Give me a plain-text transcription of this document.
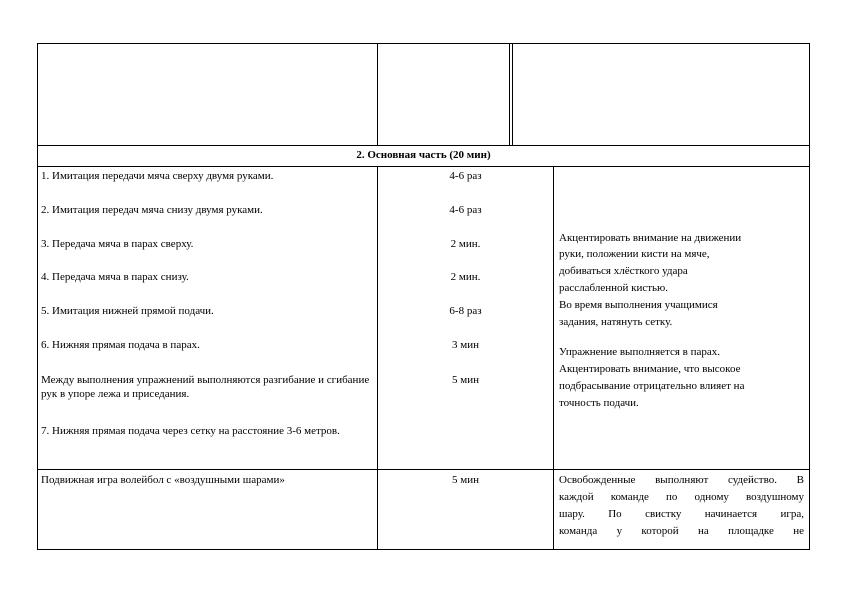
2. Основная часть (20 мин)
1. Имитация передачи мяча сверху двумя руками.
2. Имитация передач мяча снизу двумя руками.
3. Передача мяча в парах сверху.
4. Передача мяча в парах снизу.
5. Имитация нижней прямой подачи.
6. Нижняя прямая подача в парах.
Между выполнения упражнений выполняются разгибание и сгибание рук в упоре лежа и приседания.
7. Нижняя прямая подача через сетку на расстояние 3-6 метров.
4-6 раз
4-6 раз
2 мин.
2 мин.
6-8 раз
3 мин
5 мин
Акцентировать внимание на движении
руки, положении кисти на мяче,
добиваться хлёсткого удара
расслабленной кистью.
Во время выполнения учащимися
задания, натянуть сетку.
Упражнение выполняется в парах.
Акцентировать внимание, что высокое
подбрасывание отрицательно влияет на
точность подачи.
Подвижная игра волейбол с «воздушными шарами»	5 мин	Освобожденные выполняют судейство. В
каждой команде по одному воздушному
шару. По свистку начинается игра,
команда у которой на площадке не
